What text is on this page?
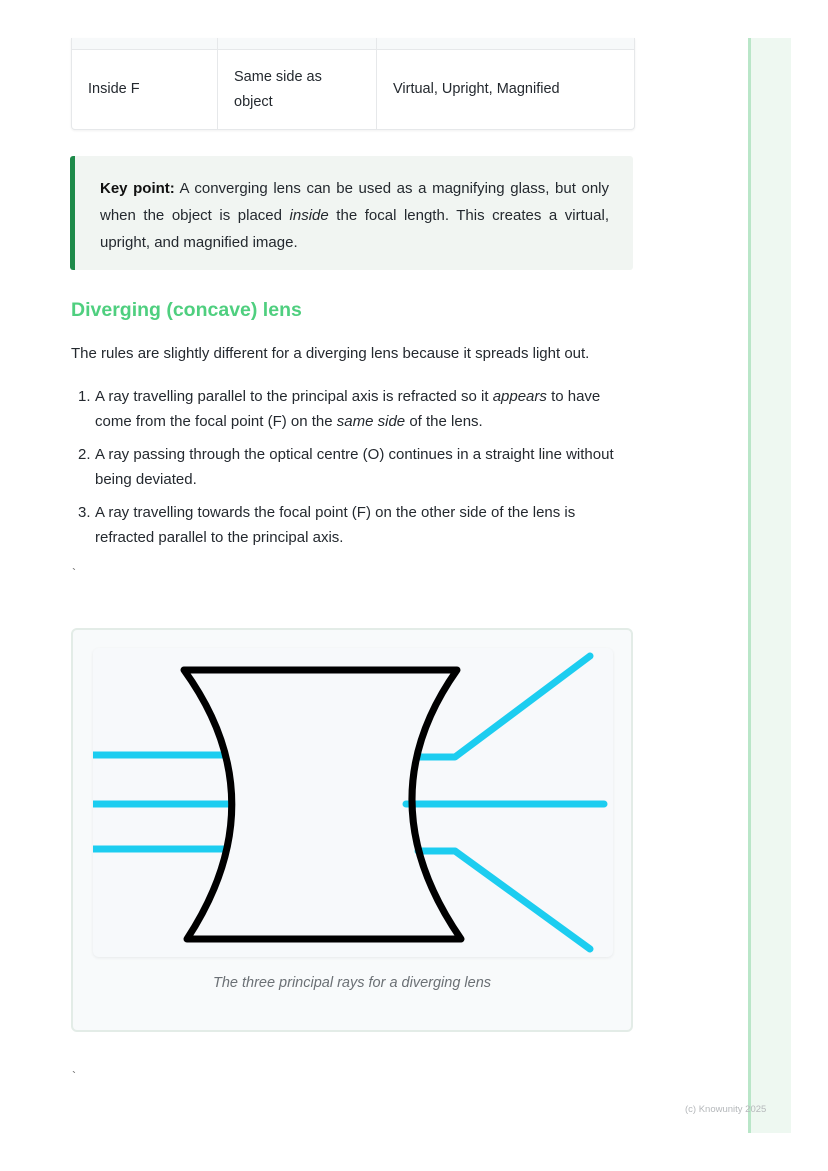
Inside F
Same side as object
Virtual, Upright, Magnified
Key point: A converging lens can be used as a magnifying glass, but only when the object is placed inside the focal length. This creates a virtual, upright, and magnified image.
Diverging (concave) lens

The rules are slightly different for a diverging lens because it spreads light out.

1. A ray travelling parallel to the principal axis is refracted so it appears to have come from the focal point (F) on the same side of the lens.
2. A ray passing through the optical centre (O) continues in a straight line without being deviated.
3. A ray travelling towards the focal point (F) on the other side of the lens is refracted parallel to the principal axis.
`
The three principal rays for a diverging lens
`
(c) Knowunity 2025
